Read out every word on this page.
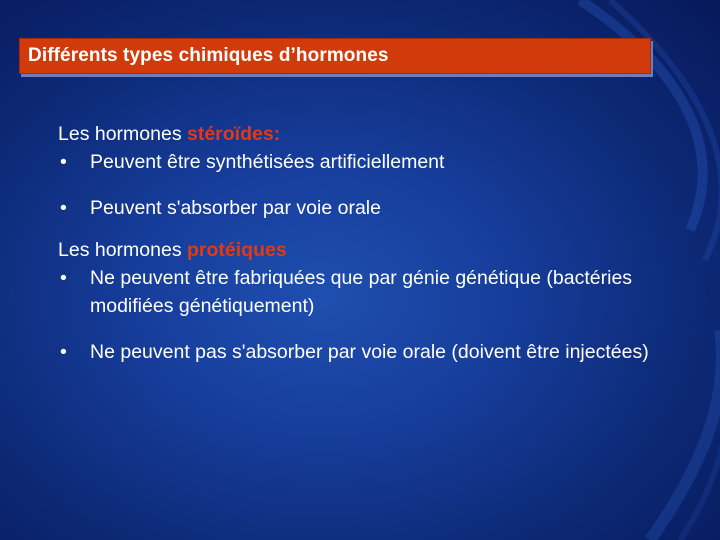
Différents types chimiques d’hormones
Les hormones stéroïdes:
•	Peuvent être synthétisées artificiellement
•	Peuvent s'absorber par voie orale
Les hormones protéiques
•	Ne peuvent être fabriquées que par génie génétique (bactéries modifiées génétiquement)
•	Ne peuvent pas s'absorber par voie orale (doivent être injectées)
